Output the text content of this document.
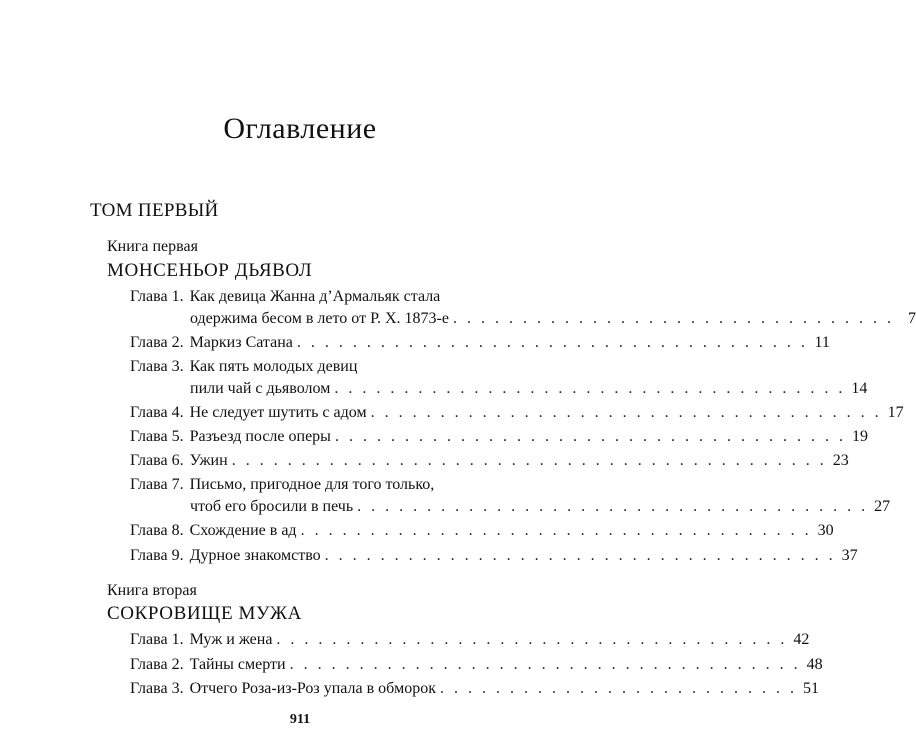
Оглавление
ТОМ ПЕРВЫЙ
Книга первая
МОНСЕНЬОР ДЬЯВОЛ
Глава 1. Как девица Жанна д’Армальяк стала
одержима бесом в лето от Р. Х. 1873-е . . . . . . . . . . . . . . . . . . . . . . . . . . . . . . . . 7
Глава 2. Маркиз Сатана . . . . . . . . . . . . . . . . . . . . . . . . . . . . . . . . . . . . . 11
Глава 3. Как пять молодых девиц
пили чай с дьяволом . . . . . . . . . . . . . . . . . . . . . . . . . . . . . . . . . . . . . 14
Глава 4. Не следует шутить с адом . . . . . . . . . . . . . . . . . . . . . . . . . . . . . . . . . . . . . 17
Глава 5. Разъезд после оперы . . . . . . . . . . . . . . . . . . . . . . . . . . . . . . . . . . . . . 19
Глава 6. Ужин . . . . . . . . . . . . . . . . . . . . . . . . . . . . . . . . . . . . . . . . . . . 23
Глава 7. Письмо, пригодное для того только,
чтоб его бросили в печь . . . . . . . . . . . . . . . . . . . . . . . . . . . . . . . . . . . . . 27
Глава 8. Схождение в ад . . . . . . . . . . . . . . . . . . . . . . . . . . . . . . . . . . . . . 30
Глава 9. Дурное знакомство . . . . . . . . . . . . . . . . . . . . . . . . . . . . . . . . . . . . . 37
Книга вторая
СОКРОВИЩЕ МУЖА
Глава 1. Муж и жена . . . . . . . . . . . . . . . . . . . . . . . . . . . . . . . . . . . . . 42
Глава 2. Тайны смерти . . . . . . . . . . . . . . . . . . . . . . . . . . . . . . . . . . . . . 48
Глава 3. Отчего Роза-из-Роз упала в обморок . . . . . . . . . . . . . . . . . . . . . . . . . . 51
911
